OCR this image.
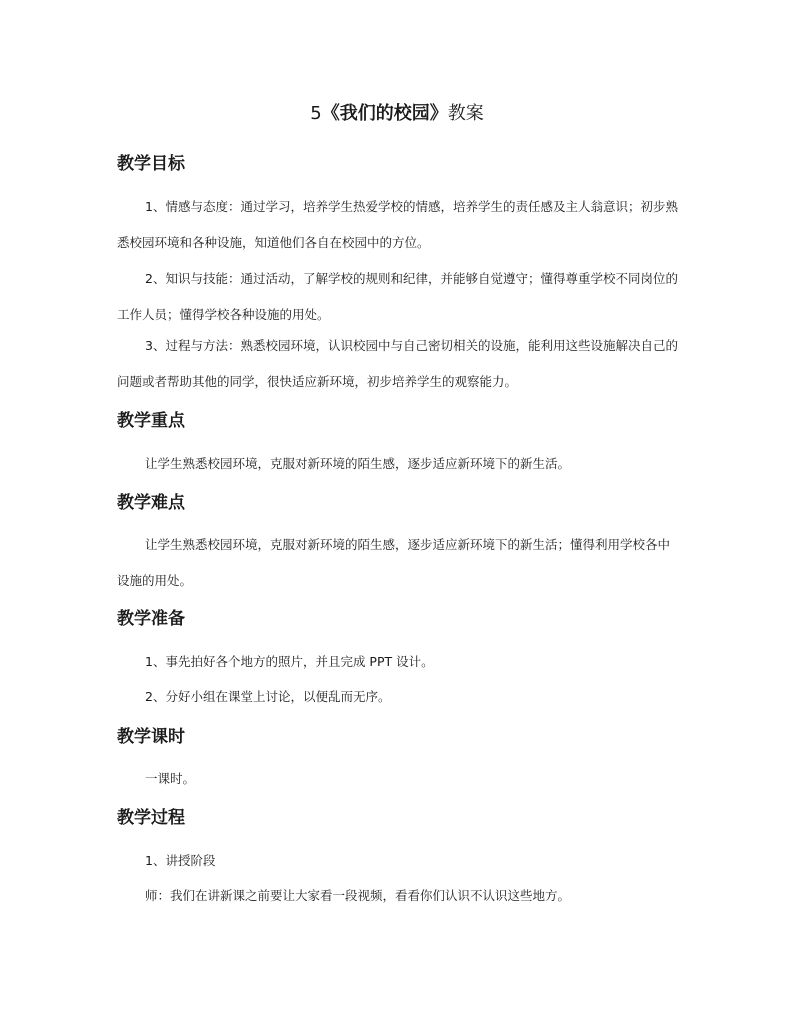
5《我们的校园》教案
教学目标
1、情感与态度：通过学习，培养学生热爱学校的情感，培养学生的责任感及主人翁意识；初步熟悉校园环境和各种设施，知道他们各自在校园中的方位。
2、知识与技能：通过活动，了解学校的规则和纪律，并能够自觉遵守；懂得尊重学校不同岗位的工作人员；懂得学校各种设施的用处。
3、过程与方法：熟悉校园环境，认识校园中与自己密切相关的设施，能利用这些设施解决自己的问题或者帮助其他的同学，很快适应新环境，初步培养学生的观察能力。
教学重点
让学生熟悉校园环境，克服对新环境的陌生感，逐步适应新环境下的新生活。
教学难点
让学生熟悉校园环境，克服对新环境的陌生感，逐步适应新环境下的新生活；懂得利用学校各中设施的用处。
教学准备
1、事先拍好各个地方的照片，并且完成 PPT 设计。
2、分好小组在课堂上讨论，以便乱而无序。
教学课时
一课时。
教学过程
1、讲授阶段
师：我们在讲新课之前要让大家看一段视频，看看你们认识不认识这些地方。
